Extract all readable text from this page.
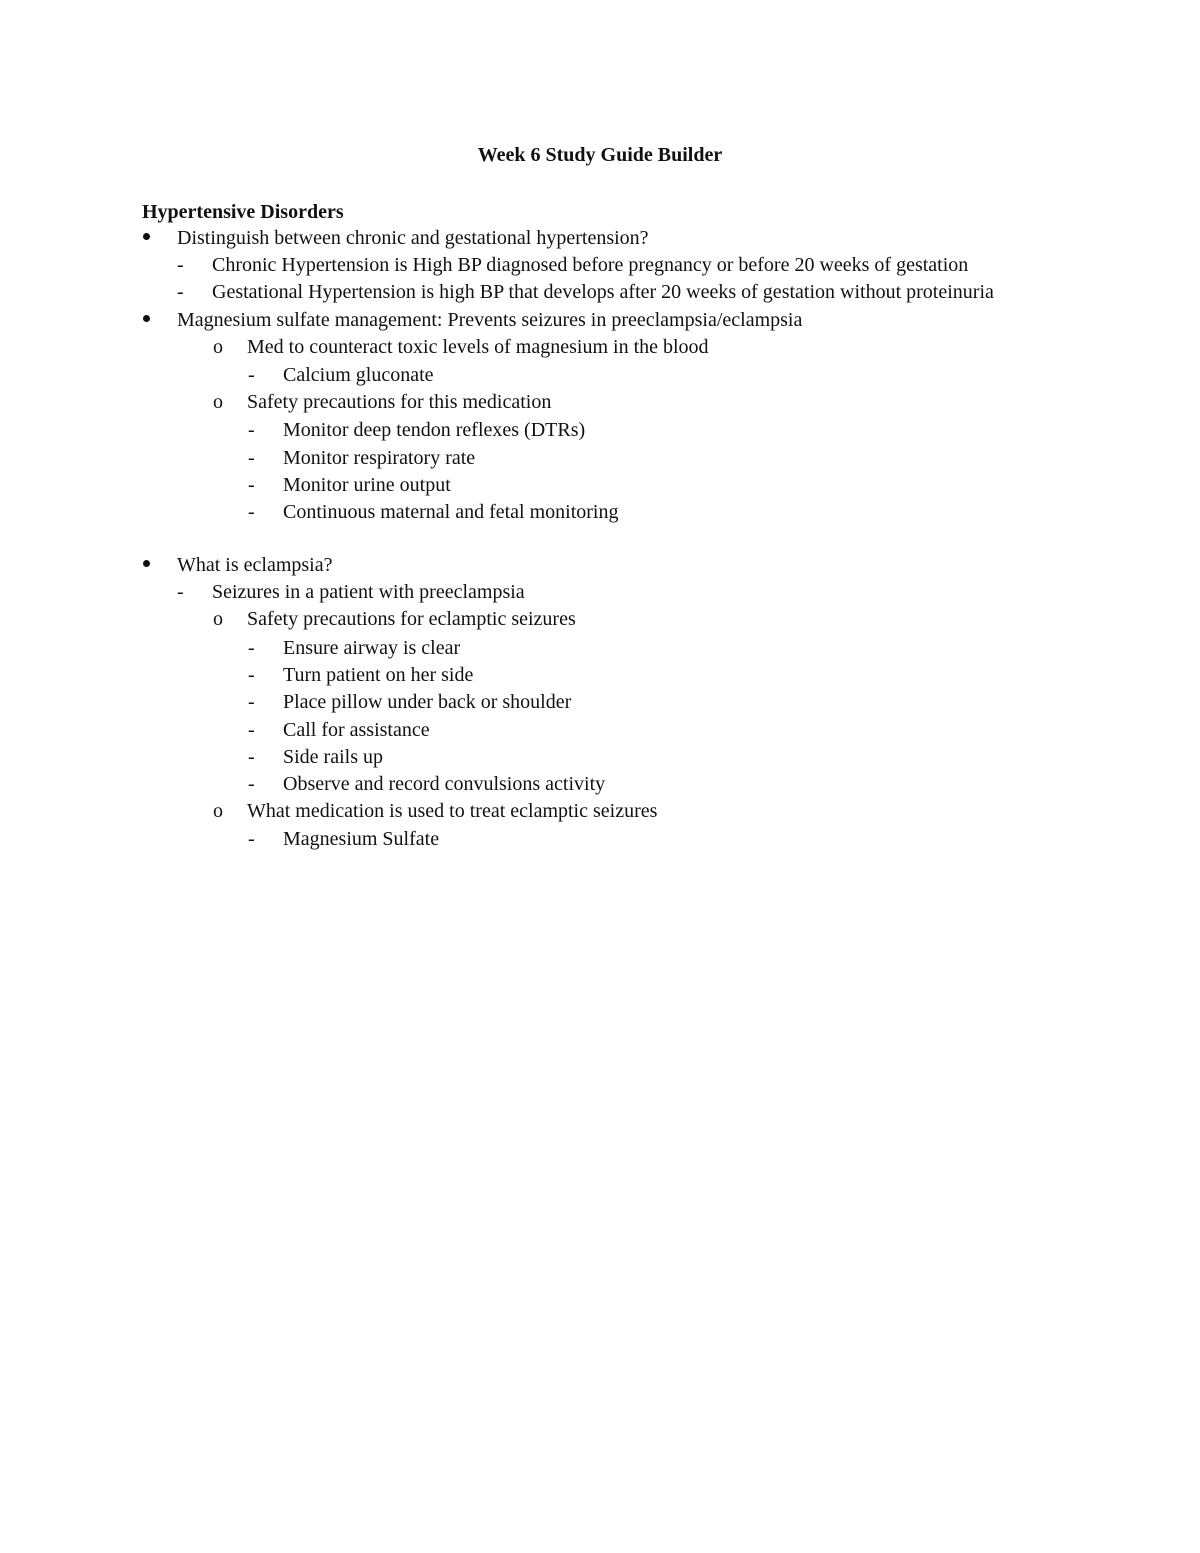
Week 6 Study Guide Builder
Hypertensive Disorders
Distinguish between chronic and gestational hypertension?
- Chronic Hypertension is High BP diagnosed before pregnancy or before 20 weeks of gestation
- Gestational Hypertension is high BP that develops after 20 weeks of gestation without proteinuria
Magnesium sulfate management: Prevents seizures in preeclampsia/eclampsia
o Med to counteract toxic levels of magnesium in the blood
- Calcium gluconate
o Safety precautions for this medication
- Monitor deep tendon reflexes (DTRs)
- Monitor respiratory rate
- Monitor urine output
- Continuous maternal and fetal monitoring
What is eclampsia?
- Seizures in a patient with preeclampsia
o Safety precautions for eclamptic seizures
- Ensure airway is clear
- Turn patient on her side
- Place pillow under back or shoulder
- Call for assistance
- Side rails up
- Observe and record convulsions activity
o What medication is used to treat eclamptic seizures
- Magnesium Sulfate
